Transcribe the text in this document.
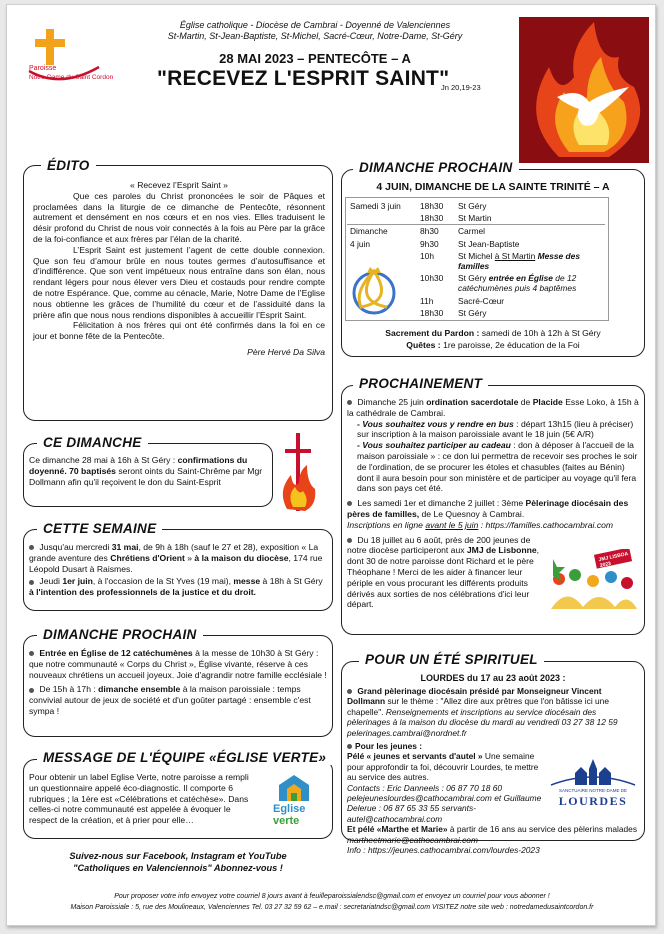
Paroisse
Notre-Dame du Saint Cordon
Église catholique - Diocèse de Cambrai - Doyenné de Valenciennes
St-Martin, St-Jean-Baptiste, St-Michel, Sacré-Cœur, Notre-Dame, St-Géry
28 MAI 2023 – PENTECÔTE – A
"RECEVEZ L'ESPRIT SAINT"
Jn 20,19-23
ÉDITO
« Recevez l’Esprit Saint »
Que ces paroles du Christ prononcées le soir de Pâques et proclamées dans la liturgie de ce dimanche de Pentecôte, résonnent autrement et densément en nos cœurs et en nos vies. Elles traduisent le désir profond du Christ de nous voir connectés à la fois au Père par la grâce de la foi-confiance et aux frères par l’élan de la charité.
L’Esprit Saint est justement l’agent de cette double connexion. Que son feu d’amour brûle en nous toutes germes d’autosuffisance et d’indifférence. Que son vent impétueux nous entraîne dans son élan, nous rendant légers pour nous élever vers Dieu et costauds pour rendre compte de notre Espérance. Que, comme au cénacle, Marie, Notre Dame de l’Eglise nous obtienne les grâces de l’humilité du cœur et de l’assiduité dans la prière afin que nous nous rendions disponibles à accueillir l’Esprit Saint.
Félicitation à nos frères qui ont été confirmés dans la foi en ce jour et bonne fête de la Pentecôte.
Père Hervé Da Silva
CE DIMANCHE
Ce dimanche 28 mai à 16h à St Géry : confirmations du doyenné. 70 baptisés seront oints du Saint-Chrême par Mgr Dollmann afin qu'il reçoivent le don du Saint-Esprit
CETTE SEMAINE
Jusqu'au mercredi 31 mai, de 9h à 18h (sauf le 27 et 28), exposition « La grande aventure des Chrétiens d'Orient » à la maison du diocèse, 174 rue Léopold Dusart à Raismes.
Jeudi 1er juin, à l'occasion de la St Yves (19 mai), messe à 18h à St Géry à l'intention des professionnels de la justice et du droit.
DIMANCHE PROCHAIN
Entrée en Église de 12 catéchumènes à la messe de 10h30 à St Géry : que notre communauté « Corps du Christ », Église vivante, réserve à ces nouveaux chrétiens un accueil joyeux. Joie d'agrandir notre famille ecclésiale !
De 15h à 17h : dimanche ensemble à la maison paroissiale : temps convivial autour de jeux de société et d'un goûter partagé : ensemble c'est sympa !
MESSAGE DE L'ÉQUIPE «ÉGLISE VERTE»
Pour obtenir un label Eglise Verte, notre paroisse a rempli un questionnaire appelé éco-diagnostic. Il comporte 6 rubriques ; la 1ère est «Célébrations et catéchèse». Dans celles-ci notre communauté est appelée à évoquer le respect de la création, et à prier pour elle…
Eglise
verte
DIMANCHE PROCHAIN
4 JUIN, DIMANCHE DE LA SAINTE TRINITÉ – A
Samedi 3 juin	18h30	St Géry
	18h30	St Martin
Dimanche	8h30	Carmel
4 juin	9h30	St Jean-Baptiste
	10h	St Michel à St Martin Messe des familles
	10h30	St Géry entrée en Église de 12 catéchumènes puis 4 baptêmes
	11h	Sacré-Cœur
	18h30	St Géry
Sacrement du Pardon : samedi de 10h à 12h à St Géry
Quêtes : 1re paroisse, 2e éducation de la Foi
PROCHAINEMENT
Dimanche 25 juin ordination sacerdotale de Placide Esse Loko, à 15h à la cathédrale de Cambrai.
- Vous souhaitez vous y rendre en bus : départ 13h15 (lieu à préciser) sur inscription à la maison paroissiale avant le 18 juin (5€ A/R)
- Vous souhaitez participer au cadeau : don à déposer à l'accueil de la maison paroissiale » : ce don lui permettra de recevoir ses proches le soir de l'ordination, de se procurer les étoles et chasubles (faites au Bénin) dont il aura besoin pour son ministère et de participer au voyage qu'il fera dans son pays cet été.
Les samedi 1er et dimanche 2 juillet : 3ème Pèlerinage diocésain des pères de familles, de Le Quesnoy à Cambrai.
Inscriptions en ligne avant le 5 juin : https://familles.cathocambrai.com
Du 18 juillet au 6 août, près de 200 jeunes de notre diocèse participeront aux JMJ de Lisbonne, dont 30 de notre paroisse dont Richard et le père Théophane ! Merci de les aider à financer leur périple en vous procurant les différents produits dérivés aux sorties de nos célébrations d'ici leur départ.
JMJ LISBOA 2023
POUR UN ÉTÉ SPIRITUEL
LOURDES du 17 au 23 août 2023 :
Grand pèlerinage diocésain présidé par Monseigneur Vincent Dollmann sur le thème : "Allez dire aux prêtres que l'on bâtisse ici une chapelle". Renseignements et inscriptions au service diocésain des pèlerinages à la maison du diocèse du mardi au vendredi 03 27 38 12 59 pelerinages.cambrai@nordnet.fr
Pour les jeunes :
Pélé « jeunes et servants d'autel » Une semaine pour approfondir ta foi, découvrir Lourdes, te mettre au service des autres.
Contacts : Eric Danneels : 06 87 70 18 60 pelejeuneslourdes@cathocambrai.com et Guillaume Delerue : 06 87 65 33 55 servants-autel@cathocambrai.com
Et pélé «Marthe et Marie» à partir de 16 ans au service des pèlerins malades martheetmarie@cathocambrai.com
Info : https://jeunes.cathocambrai.com/lourdes-2023
SANCTUAIRE NOTRE-DAME DE
LOURDES
Suivez-nous sur Facebook, Instagram et YouTube
"Catholiques en Valenciennois" Abonnez-vous !
Pour proposer votre info envoyez votre courriel 8 jours avant à feuilleparoissialendsc@gmail.com et envoyez un courriel pour vous abonner !
Maison Paroissiale : 5, rue des Moulineaux, Valenciennes Tel. 03 27 32 59 62 – e.mail : secretariatndsc@gmail.com VISITEZ notre site web : notredamedusaintcordon.fr
